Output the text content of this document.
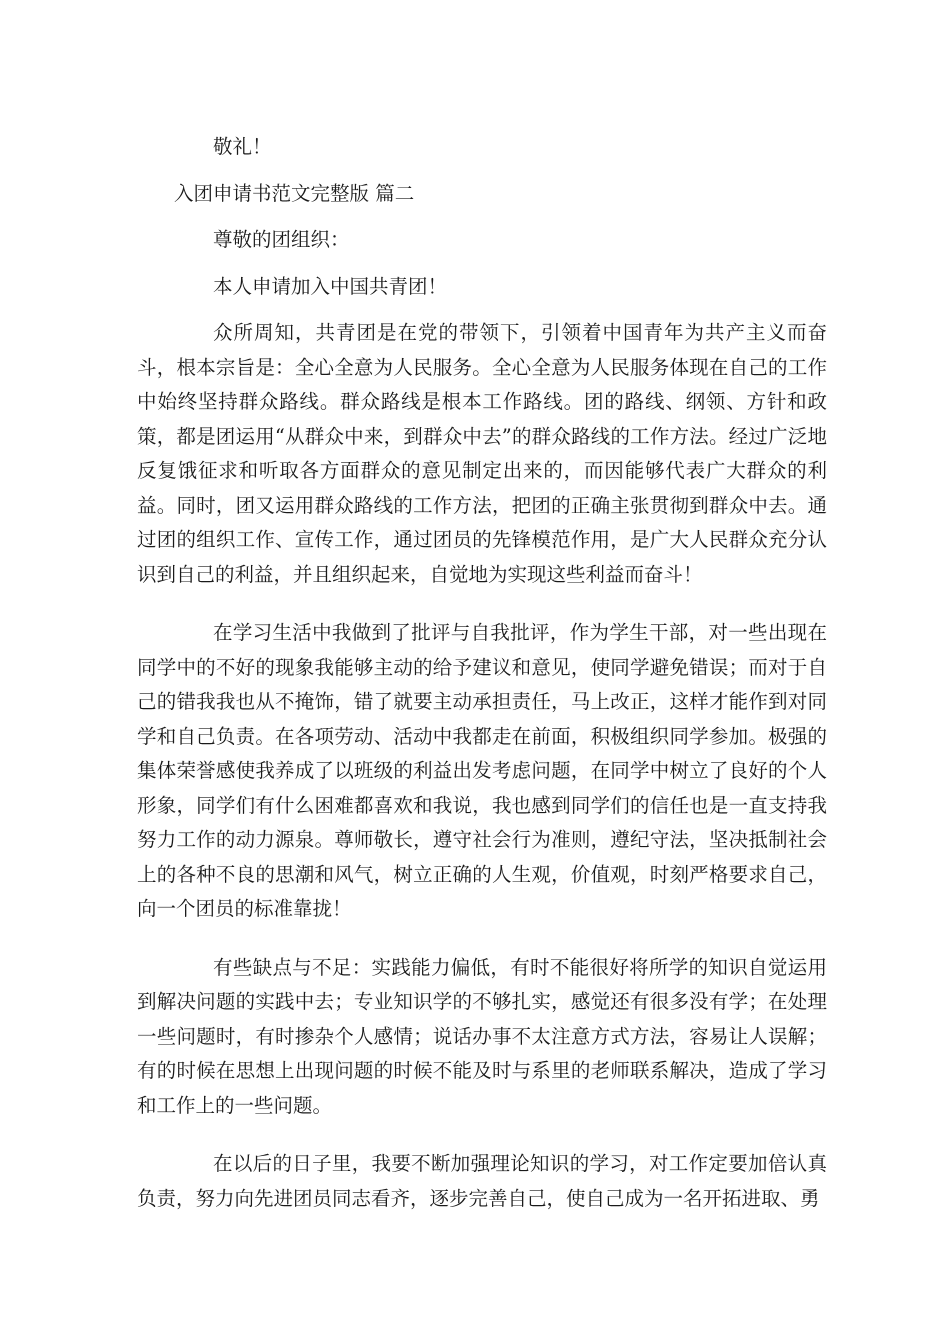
敬礼！

入团申请书范文完整版 篇二

尊敬的团组织：

本人申请加入中国共青团！

众所周知，共青团是在党的带领下，引领着中国青年为共产主义而奋斗，根本宗旨是：全心全意为人民服务。全心全意为人民服务体现在自己的工作中始终坚持群众路线。群众路线是根本工作路线。团的路线、纲领、方针和政策，都是团运用“从群众中来，到群众中去”的群众路线的工作方法。经过广泛地反复饿征求和听取各方面群众的意见制定出来的，而因能够代表广大群众的利益。同时，团又运用群众路线的工作方法，把团的正确主张贯彻到群众中去。通过团的组织工作、宣传工作，通过团员的先锋模范作用，是广大人民群众充分认识到自己的利益，并且组织起来，自觉地为实现这些利益而奋斗！

在学习生活中我做到了批评与自我批评，作为学生干部，对一些出现在同学中的不好的现象我能够主动的给予建议和意见，使同学避免错误；而对于自己的错我我也从不掩饰，错了就要主动承担责任，马上改正，这样才能作到对同学和自己负责。在各项劳动、活动中我都走在前面，积极组织同学参加。极强的集体荣誉感使我养成了以班级的利益出发考虑问题，在同学中树立了良好的个人形象，同学们有什么困难都喜欢和我说，我也感到同学们的信任也是一直支持我努力工作的动力源泉。尊师敬长，遵守社会行为准则，遵纪守法，坚决抵制社会上的各种不良的思潮和风气，树立正确的人生观，价值观，时刻严格要求自己，向一个团员的标准靠拢！

有些缺点与不足：实践能力偏低，有时不能很好将所学的知识自觉运用到解决问题的实践中去；专业知识学的不够扎实，感觉还有很多没有学；在处理一些问题时，有时掺杂个人感情；说话办事不太注意方式方法，容易让人误解；有的时候在思想上出现问题的时候不能及时与系里的老师联系解决，造成了学习和工作上的一些问题。

在以后的日子里，我要不断加强理论知识的学习，对工作定要加倍认真负责，努力向先进团员同志看齐，逐步完善自己，使自己成为一名开拓进取、勇
